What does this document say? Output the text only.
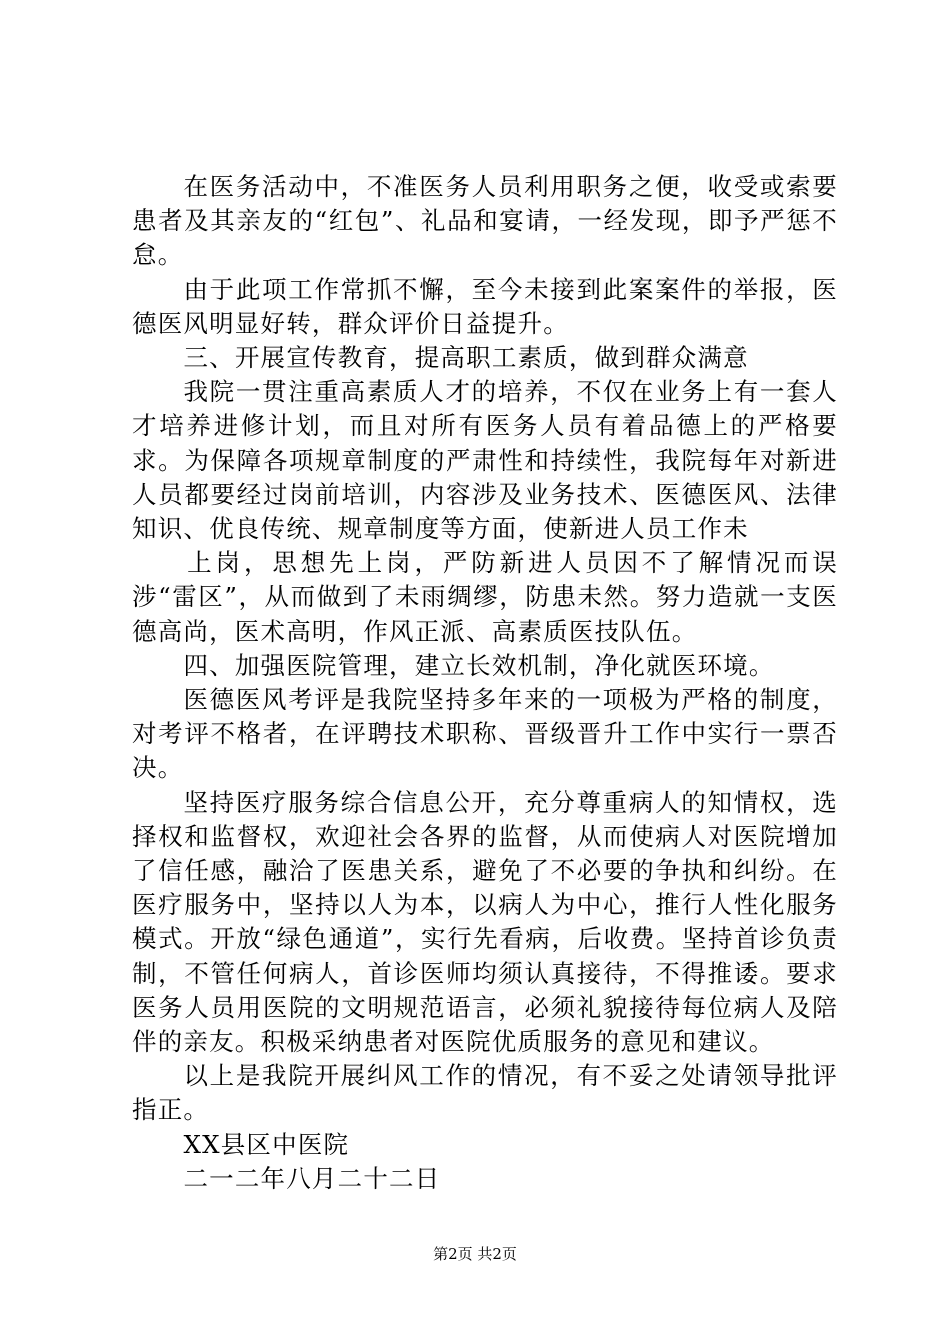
在医务活动中，不准医务人员利用职务之便，收受或索要患者及其亲友的“红包”、礼品和宴请，一经发现，即予严惩不怠。

由于此项工作常抓不懈，至今未接到此案案件的举报，医德医风明显好转，群众评价日益提升。

三、开展宣传教育，提高职工素质，做到群众满意

我院一贯注重高素质人才的培养，不仅在业务上有一套人才培养进修计划，而且对所有医务人员有着品德上的严格要求。为保障各项规章制度的严肃性和持续性，我院每年对新进人员都要经过岗前培训，内容涉及业务技术、医德医风、法律知识、优良传统、规章制度等方面，使新进人员工作未

上岗，思想先上岗，严防新进人员因不了解情况而误涉“雷区”，从而做到了未雨绸缪，防患未然。努力造就一支医德高尚，医术高明，作风正派、高素质医技队伍。

四、加强医院管理，建立长效机制，净化就医环境。

医德医风考评是我院坚持多年来的一项极为严格的制度，对考评不格者，在评聘技术职称、晋级晋升工作中实行一票否决。

坚持医疗服务综合信息公开，充分尊重病人的知情权，选择权和监督权，欢迎社会各界的监督，从而使病人对医院增加了信任感，融洽了医患关系，避免了不必要的争执和纠纷。在医疗服务中，坚持以人为本，以病人为中心，推行人性化服务模式。开放“绿色通道”，实行先看病，后收费。坚持首诊负责制，不管任何病人，首诊医师均须认真接待，不得推诿。要求医务人员用医院的文明规范语言，必须礼貌接待每位病人及陪伴的亲友。积极采纳患者对医院优质服务的意见和建议。

以上是我院开展纠风工作的情况，有不妥之处请领导批评指正。

XX县区中医院

二一二年八月二十二日

第2页 共2页
